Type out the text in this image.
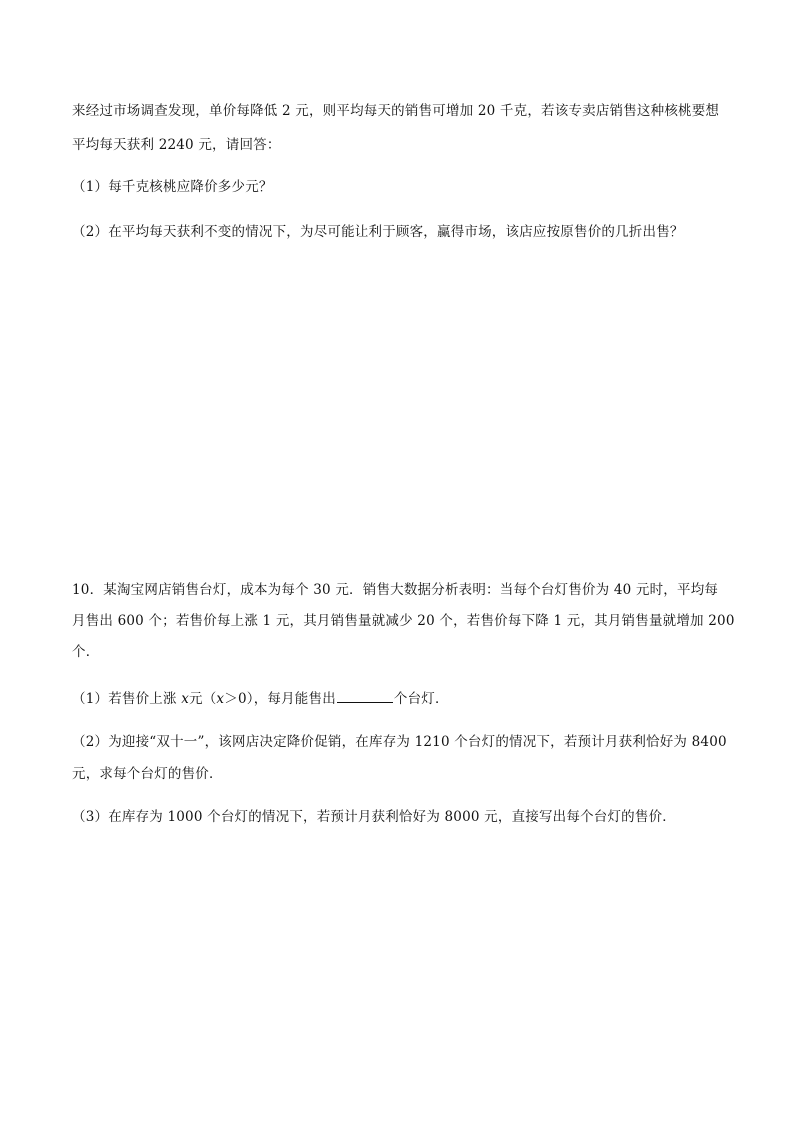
来经过市场调查发现，单价每降低 2 元，则平均每天的销售可增加 20 千克，若该专卖店销售这种核桃要想
平均每天获利 2240 元，请回答：
（1）每千克核桃应降价多少元？
（2）在平均每天获利不变的情况下，为尽可能让利于顾客，赢得市场，该店应按原售价的几折出售？
10．某淘宝网店销售台灯，成本为每个 30 元．销售大数据分析表明：当每个台灯售价为 40 元时，平均每
月售出 600 个；若售价每上涨 1 元，其月销售量就减少 20 个，若售价每下降 1 元，其月销售量就增加 200
个．
（1）若售价上涨 x元（x＞0），每月能售出	个台灯．
（2）为迎接“双十一”，该网店决定降价促销，在库存为 1210 个台灯的情况下，若预计月获利恰好为 8400
元，求每个台灯的售价．
（3）在库存为 1000 个台灯的情况下，若预计月获利恰好为 8000 元，直接写出每个台灯的售价．
